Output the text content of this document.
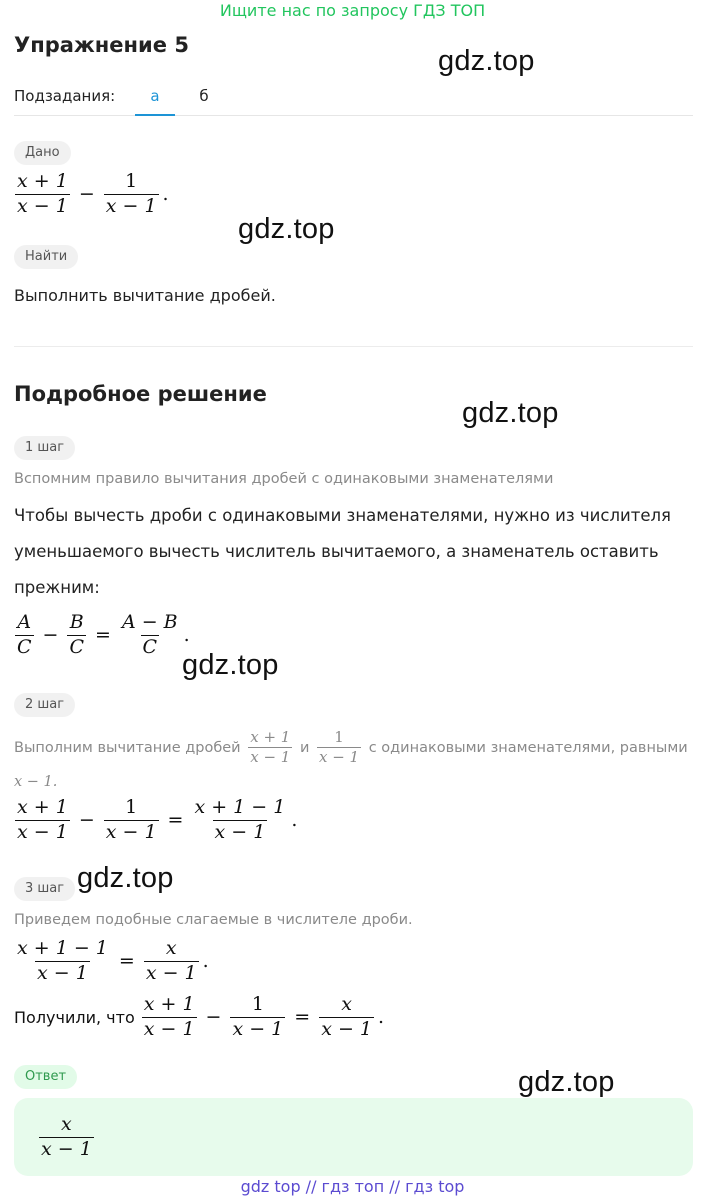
Ищите нас по запросу ГДЗ ТОП
Упражнение 5	gdz.top
Подзадания:	а	б
Дано
$\frac{x + 1}{x - 1} - \frac{1}{x - 1}$ .
gdz.top
Найти
Выполнить вычитание дробей.
Подробное решение
gdz.top
1 шаг
Вспомним правило вычитания дробей с одинаковыми знаменателями
Чтобы вычесть дроби с одинаковыми знаменателями, нужно из числителя уменьшаемого вычесть числитель вычитаемого, а знаменатель оставить прежним:
$\frac{A}{C} - \frac{B}{C} = \frac{A - B}{C}$ .
gdz.top
2 шаг
Выполним вычитание дробей $\frac{x + 1}{x - 1}$ и $\frac{1}{x - 1}$ с одинаковыми знаменателями, равными x − 1.
$\frac{x + 1}{x - 1} - \frac{1}{x - 1} = \frac{x + 1 - 1}{x - 1}$ .
3 шаг gdz.top
Приведем подобные слагаемые в числителе дроби.
$\frac{x + 1 - 1}{x - 1} = \frac{x}{x - 1}$ .
Получили, что $\frac{x + 1}{x - 1} - \frac{1}{x - 1} = \frac{x}{x - 1}$ .
Ответ	gdz.top
$\frac{x}{x - 1}$
gdz top // гдз топ // гдз top
